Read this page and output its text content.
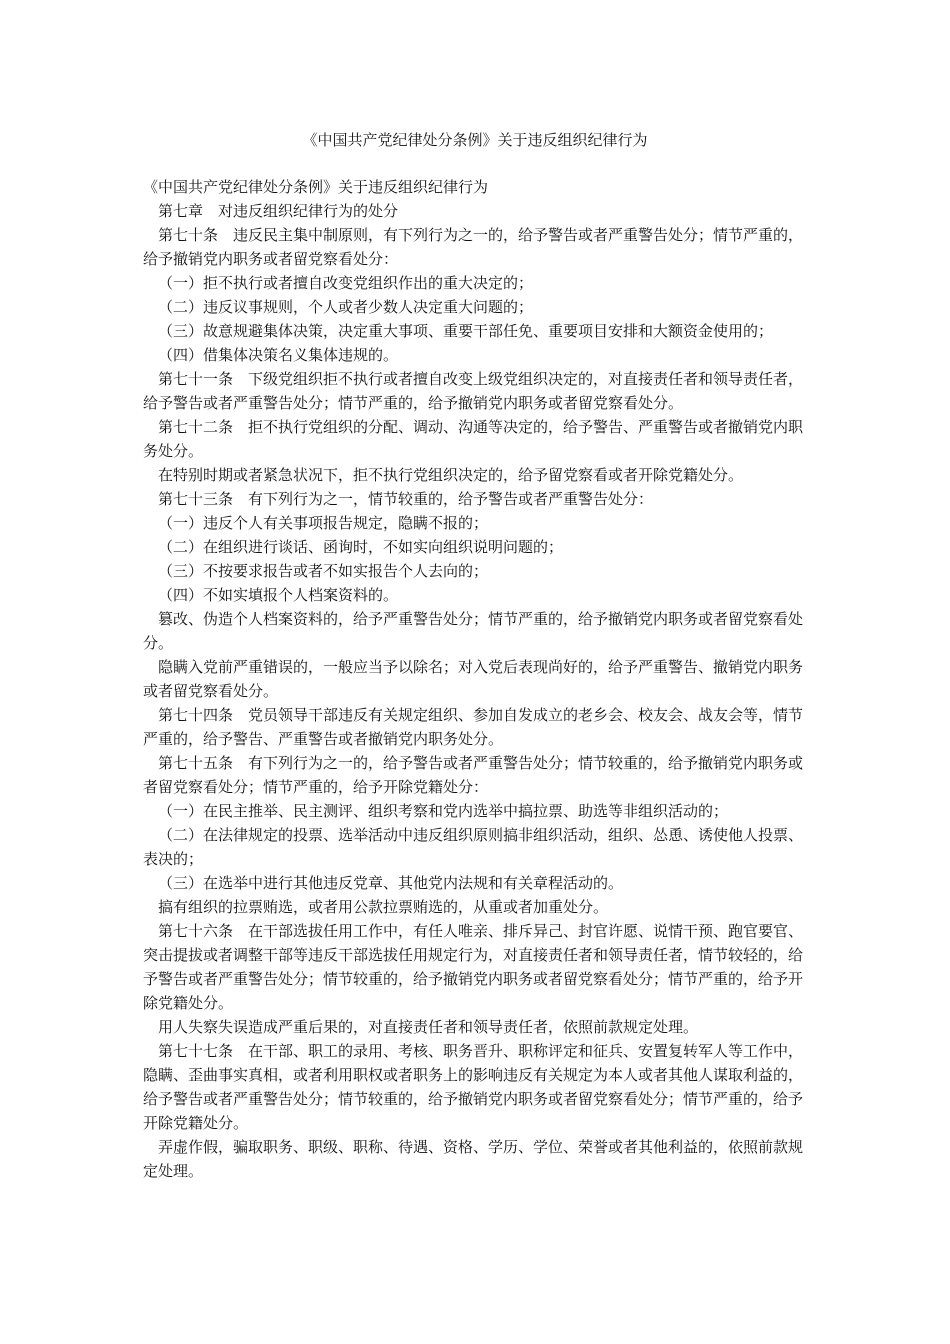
《中国共产党纪律处分条例》关于违反组织纪律行为

《中国共产党纪律处分条例》关于违反组织纪律行为

第七章　对违反组织纪律行为的处分

第七十条　违反民主集中制原则，有下列行为之一的，给予警告或者严重警告处分；情节严重的，给予撤销党内职务或者留党察看处分：

（一）拒不执行或者擅自改变党组织作出的重大决定的；

（二）违反议事规则，个人或者少数人决定重大问题的；

（三）故意规避集体决策，决定重大事项、重要干部任免、重要项目安排和大额资金使用的；

（四）借集体决策名义集体违规的。

第七十一条　下级党组织拒不执行或者擅自改变上级党组织决定的，对直接责任者和领导责任者，给予警告或者严重警告处分；情节严重的，给予撤销党内职务或者留党察看处分。

第七十二条　拒不执行党组织的分配、调动、沟通等决定的，给予警告、严重警告或者撤销党内职务处分。

在特别时期或者紧急状况下，拒不执行党组织决定的，给予留党察看或者开除党籍处分。

第七十三条　有下列行为之一，情节较重的，给予警告或者严重警告处分：

（一）违反个人有关事项报告规定，隐瞒不报的；

（二）在组织进行谈话、函询时，不如实向组织说明问题的；

（三）不按要求报告或者不如实报告个人去向的；

（四）不如实填报个人档案资料的。

篡改、伪造个人档案资料的，给予严重警告处分；情节严重的，给予撤销党内职务或者留党察看处分。

隐瞒入党前严重错误的，一般应当予以除名；对入党后表现尚好的，给予严重警告、撤销党内职务或者留党察看处分。

第七十四条　党员领导干部违反有关规定组织、参加自发成立的老乡会、校友会、战友会等，情节严重的，给予警告、严重警告或者撤销党内职务处分。

第七十五条　有下列行为之一的，给予警告或者严重警告处分；情节较重的，给予撤销党内职务或者留党察看处分；情节严重的，给予开除党籍处分：

（一）在民主推举、民主测评、组织考察和党内选举中搞拉票、助选等非组织活动的；

（二）在法律规定的投票、选举活动中违反组织原则搞非组织活动，组织、怂恿、诱使他人投票、表决的；

（三）在选举中进行其他违反党章、其他党内法规和有关章程活动的。

搞有组织的拉票贿选，或者用公款拉票贿选的，从重或者加重处分。

第七十六条　在干部选拔任用工作中，有任人唯亲、排斥异己、封官许愿、说情干预、跑官要官、突击提拔或者调整干部等违反干部选拔任用规定行为，对直接责任者和领导责任者，情节较轻的，给予警告或者严重警告处分；情节较重的，给予撤销党内职务或者留党察看处分；情节严重的，给予开除党籍处分。

用人失察失误造成严重后果的，对直接责任者和领导责任者，依照前款规定处理。

第七十七条　在干部、职工的录用、考核、职务晋升、职称评定和征兵、安置复转军人等工作中，隐瞒、歪曲事实真相，或者利用职权或者职务上的影响违反有关规定为本人或者其他人谋取利益的，给予警告或者严重警告处分；情节较重的，给予撤销党内职务或者留党察看处分；情节严重的，给予开除党籍处分。

弄虚作假，骗取职务、职级、职称、待遇、资格、学历、学位、荣誉或者其他利益的，依照前款规定处理。
